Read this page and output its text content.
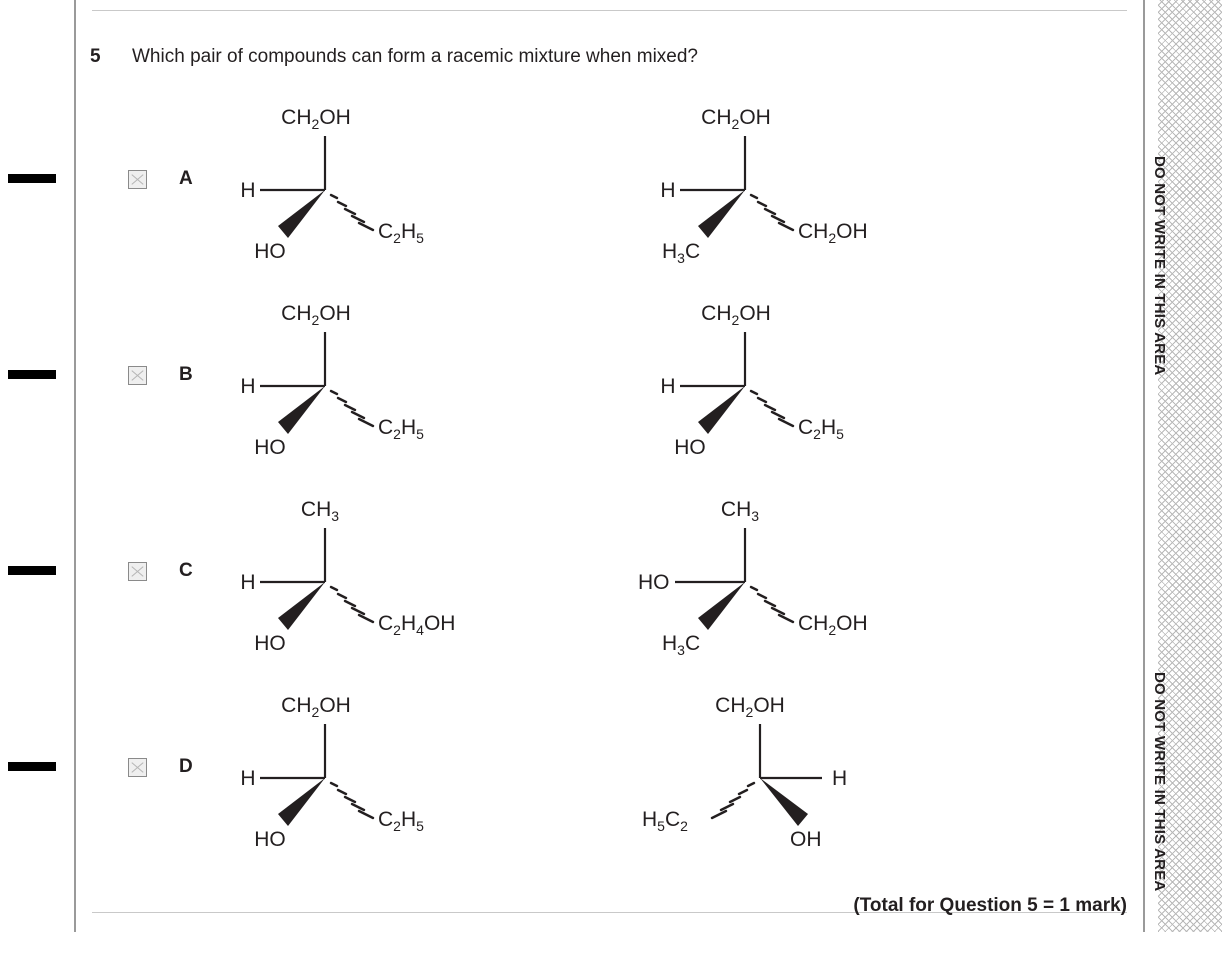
DO NOT WRITE IN THIS AREA
DO NOT WRITE IN THIS AREA
5 Which pair of compounds can form a racemic mixture when mixed?
A
$CH_2OH$
H
HO
$C_2H_5$
$CH_2OH$
H
$H_3C$
$CH_2OH$
B
$CH_2OH$
H
HO
$C_2H_5$
$CH_2OH$
H
HO
$C_2H_5$
C
$CH_3$
H
HO
$C_2H_4OH$
$CH_3$
HO
$H_3C$
$CH_2OH$
D
$CH_2OH$
H
HO
$C_2H_5$
$CH_2OH$
H
$H_5C_2$
OH
(Total for Question 5 = 1 mark)
